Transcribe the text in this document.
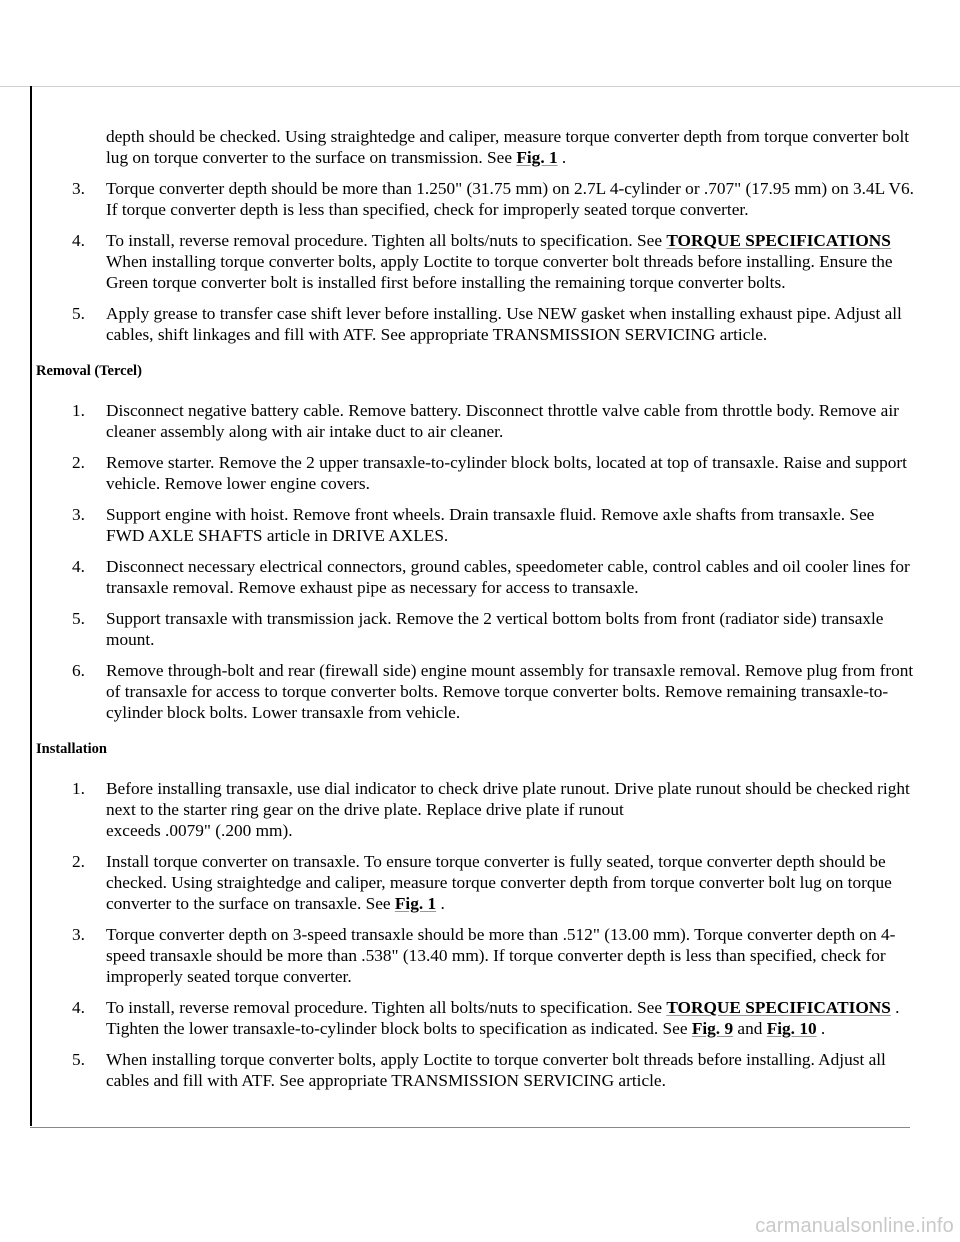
depth should be checked. Using straightedge and caliper, measure torque converter depth from torque converter bolt lug on torque converter to the surface on transmission. See Fig. 1 .
3.	Torque converter depth should be more than 1.250" (31.75 mm) on 2.7L 4-cylinder or .707" (17.95 mm) on 3.4L V6. If torque converter depth is less than specified, check for improperly seated torque converter.
4.	To install, reverse removal procedure. Tighten all bolts/nuts to specification. See TORQUE SPECIFICATIONS When installing torque converter bolts, apply Loctite to torque converter bolt threads before installing. Ensure the Green torque converter bolt is installed first before installing the remaining torque converter bolts.
5.	Apply grease to transfer case shift lever before installing. Use NEW gasket when installing exhaust pipe. Adjust all cables, shift linkages and fill with ATF. See appropriate TRANSMISSION SERVICING article.
Removal (Tercel)
1.	Disconnect negative battery cable. Remove battery. Disconnect throttle valve cable from throttle body. Remove air cleaner assembly along with air intake duct to air cleaner.
2.	Remove starter. Remove the 2 upper transaxle-to-cylinder block bolts, located at top of transaxle. Raise and support vehicle. Remove lower engine covers.
3.	Support engine with hoist. Remove front wheels. Drain transaxle fluid. Remove axle shafts from transaxle. See FWD AXLE SHAFTS article in DRIVE AXLES.
4.	Disconnect necessary electrical connectors, ground cables, speedometer cable, control cables and oil cooler lines for transaxle removal. Remove exhaust pipe as necessary for access to transaxle.
5.	Support transaxle with transmission jack. Remove the 2 vertical bottom bolts from front (radiator side) transaxle mount.
6.	Remove through-bolt and rear (firewall side) engine mount assembly for transaxle removal. Remove plug from front of transaxle for access to torque converter bolts. Remove torque converter bolts. Remove remaining transaxle-to-cylinder block bolts. Lower transaxle from vehicle.
Installation
1.	Before installing transaxle, use dial indicator to check drive plate runout. Drive plate runout should be checked right next to the starter ring gear on the drive plate. Replace drive plate if runout
exceeds .0079" (.200 mm).
2.	Install torque converter on transaxle. To ensure torque converter is fully seated, torque converter depth should be checked. Using straightedge and caliper, measure torque converter depth from torque converter bolt lug on torque converter to the surface on transaxle. See Fig. 1 .
3.	Torque converter depth on 3-speed transaxle should be more than .512" (13.00 mm). Torque converter depth on 4-speed transaxle should be more than .538" (13.40 mm). If torque converter depth is less than specified, check for improperly seated torque converter.
4.	To install, reverse removal procedure. Tighten all bolts/nuts to specification. See TORQUE SPECIFICATIONS . Tighten the lower transaxle-to-cylinder block bolts to specification as indicated. See Fig. 9 and Fig. 10 .
5.	When installing torque converter bolts, apply Loctite to torque converter bolt threads before installing. Adjust all cables and fill with ATF. See appropriate TRANSMISSION SERVICING article.
carmanualsonline.info
